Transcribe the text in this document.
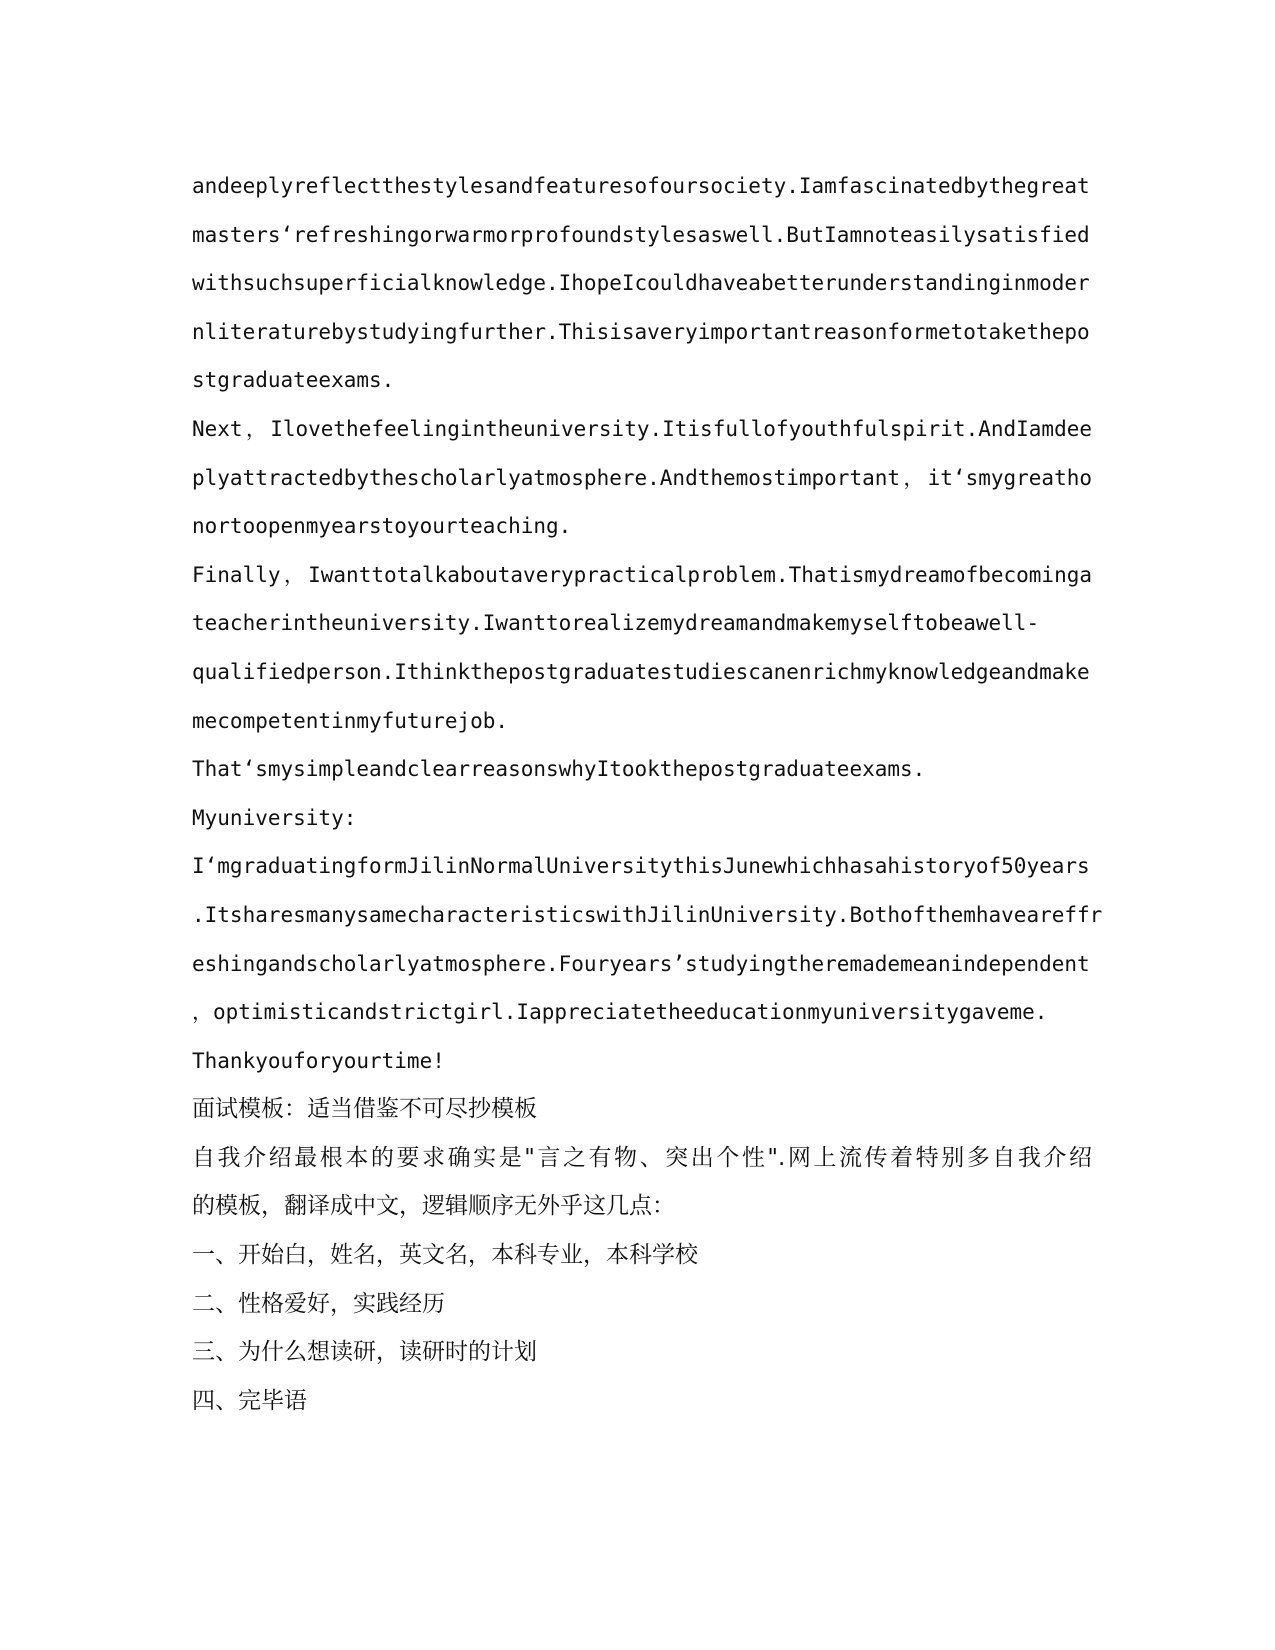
andeeplyreflectthestylesandfeaturesofoursociety.Iamfascinatedbythegreat
masters‘refreshingorwarmorprofoundstylesaswell.ButIamnoteasilysatisfied
withsuchsuperficialknowledge.IhopeIcouldhaveabetterunderstandinginmoder
nliteraturebystudyingfurther.Thisisaveryimportantreasonformetotakethepo
stgraduateexams.
Next，Ilovethefeelingintheuniversity.Itisfullofyouthfulspirit.AndIamdee
plyattractedbythescholarlyatmosphere.Andthemostimportant，it‘smygreatho
nortoopenmyearstoyourteaching.
Finally，Iwanttotalkaboutaverypracticalproblem.Thatismydreamofbecominga
teacherintheuniversity.Iwanttorealizemydreamandmakemyselftobeawell-
qualifiedperson.Ithinkthepostgraduatestudiescanenrichmyknowledgeandmake
mecompetentinmyfuturejob.
That‘smysimpleandclearreasonswhyItookthepostgraduateexams.
Myuniversity:
I‘mgraduatingformJilinNormalUniversitythisJunewhichhasahistoryof50years
.ItsharesmanysamecharacteristicswithJilinUniversity.Bothofthemhaveareffr
eshingandscholarlyatmosphere.Fouryears’studyingtheremademeanindependent
，optimisticandstrictgirl.Iappreciatetheeducationmyuniversitygaveme.
Thankyouforyourtime!
面试模板：适当借鉴不可尽抄模板
自我介绍最根本的要求确实是"言之有物、突出个性".网上流传着特别多自我介绍
的模板，翻译成中文，逻辑顺序无外乎这几点：
一、开始白，姓名，英文名，本科专业，本科学校
二、性格爱好，实践经历
三、为什么想读研，读研时的计划
四、完毕语
